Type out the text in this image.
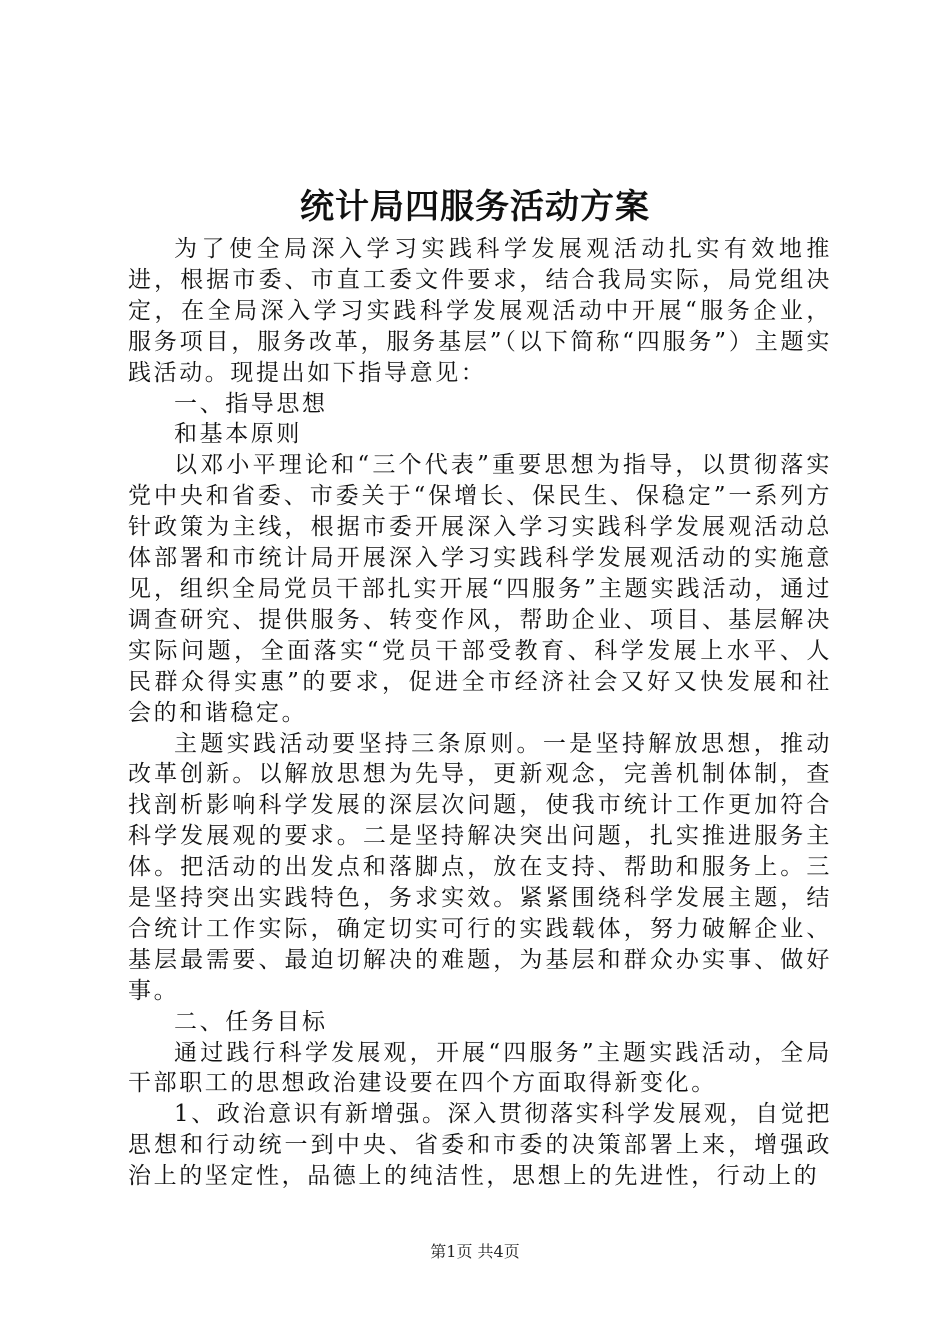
统计局四服务活动方案

为了使全局深入学习实践科学发展观活动扎实有效地推进，根据市委、市直工委文件要求，结合我局实际，局党组决定，在全局深入学习实践科学发展观活动中开展“服务企业，服务项目，服务改革，服务基层”（以下简称“四服务”）主题实践活动。现提出如下指导意见：

一、指导思想

和基本原则

以邓小平理论和“三个代表”重要思想为指导，以贯彻落实党中央和省委、市委关于“保增长、保民生、保稳定”一系列方针政策为主线，根据市委开展深入学习实践科学发展观活动总体部署和市统计局开展深入学习实践科学发展观活动的实施意见，组织全局党员干部扎实开展“四服务”主题实践活动，通过调查研究、提供服务、转变作风，帮助企业、项目、基层解决实际问题，全面落实“党员干部受教育、科学发展上水平、人民群众得实惠”的要求，促进全市经济社会又好又快发展和社会的和谐稳定。

主题实践活动要坚持三条原则。一是坚持解放思想，推动改革创新。以解放思想为先导，更新观念，完善机制体制，查找剖析影响科学发展的深层次问题，使我市统计工作更加符合科学发展观的要求。二是坚持解决突出问题，扎实推进服务主体。把活动的出发点和落脚点，放在支持、帮助和服务上。三是坚持突出实践特色，务求实效。紧紧围绕科学发展主题，结合统计工作实际，确定切实可行的实践载体，努力破解企业、基层最需要、最迫切解决的难题，为基层和群众办实事、做好事。

二、任务目标

通过践行科学发展观，开展“四服务”主题实践活动，全局干部职工的思想政治建设要在四个方面取得新变化。

1、政治意识有新增强。深入贯彻落实科学发展观，自觉把思想和行动统一到中央、省委和市委的决策部署上来，增强政治上的坚定性，品德上的纯洁性，思想上的先进性，行动上的

第1页 共4页
